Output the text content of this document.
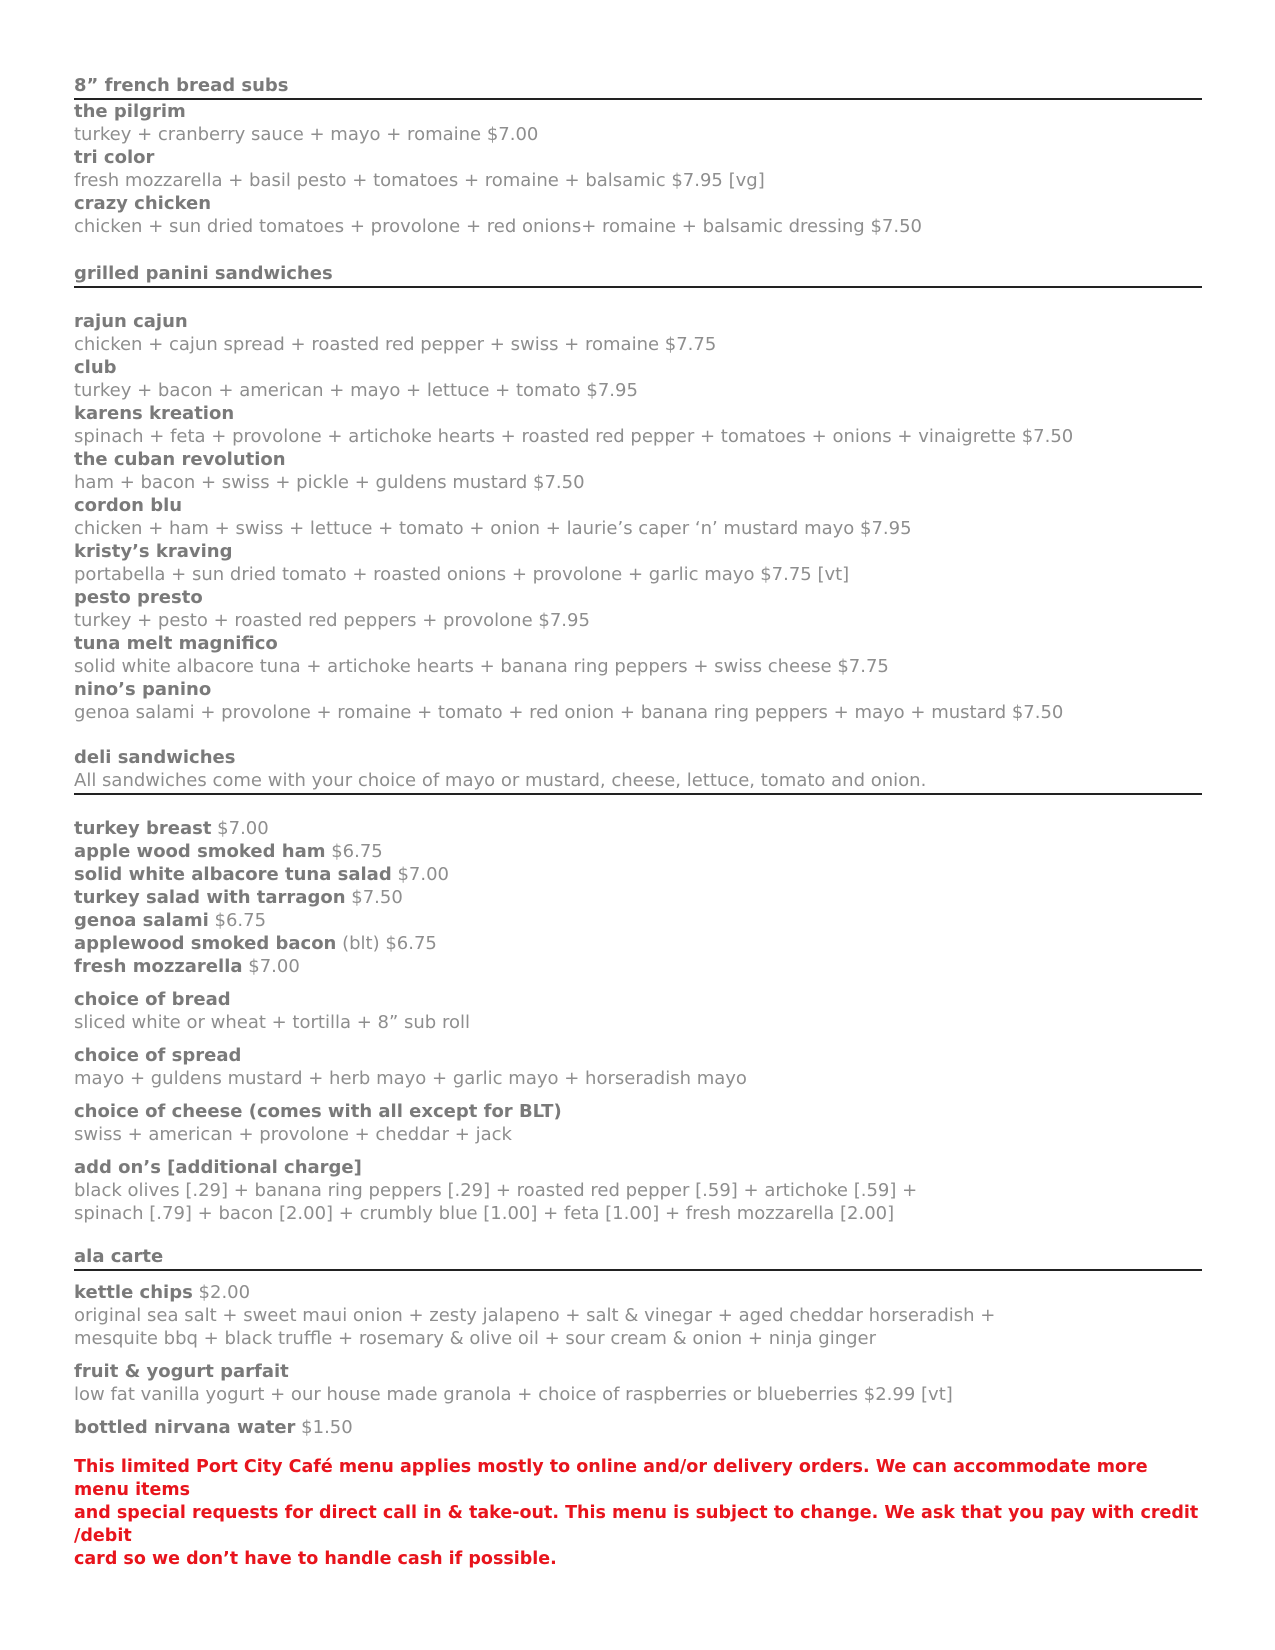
8” french bread subs
the pilgrim
turkey + cranberry sauce + mayo + romaine $7.00
tri color
fresh mozzarella + basil pesto + tomatoes + romaine + balsamic $7.95 [vg]
crazy chicken
chicken + sun dried tomatoes + provolone + red onions+ romaine + balsamic dressing $7.50
grilled panini sandwiches
rajun cajun
chicken + cajun spread + roasted red pepper + swiss + romaine $7.75
club
turkey + bacon + american + mayo + lettuce + tomato $7.95
karens kreation
spinach + feta + provolone + artichoke hearts + roasted red pepper + tomatoes + onions + vinaigrette $7.50
the cuban revolution
ham + bacon + swiss + pickle + guldens mustard $7.50
cordon blu
chicken + ham + swiss + lettuce + tomato + onion + laurie’s caper ‘n’ mustard mayo $7.95
kristy’s kraving
portabella + sun dried tomato + roasted onions + provolone + garlic mayo $7.75 [vt]
pesto presto
turkey + pesto + roasted red peppers + provolone $7.95
tuna melt magnifico
solid white albacore tuna + artichoke hearts + banana ring peppers + swiss cheese $7.75
nino’s panino
genoa salami + provolone + romaine + tomato + red onion + banana ring peppers + mayo + mustard $7.50
deli sandwiches
All sandwiches come with your choice of mayo or mustard, cheese, lettuce, tomato and onion.
turkey breast $7.00
apple wood smoked ham $6.75
solid white albacore tuna salad $7.00
turkey salad with tarragon $7.50
genoa salami $6.75
applewood smoked bacon (blt) $6.75
fresh mozzarella $7.00
choice of bread
sliced white or wheat + tortilla + 8” sub roll
choice of spread
mayo + guldens mustard + herb mayo + garlic mayo + horseradish mayo
choice of cheese (comes with all except for BLT)
swiss + american + provolone + cheddar + jack
add on’s [additional charge]
black olives [.29] + banana ring peppers [.29] + roasted red pepper [.59] + artichoke [.59] +
spinach [.79] + bacon [2.00] + crumbly blue [1.00] + feta [1.00] + fresh mozzarella [2.00]
ala carte
kettle chips $2.00
original sea salt + sweet maui onion + zesty jalapeno + salt & vinegar + aged cheddar horseradish +
mesquite bbq + black truffle + rosemary & olive oil + sour cream & onion + ninja ginger
fruit & yogurt parfait
low fat vanilla yogurt + our house made granola + choice of raspberries or blueberries $2.99 [vt]
bottled nirvana water $1.50
This limited Port City Café menu applies mostly to online and/or delivery orders. We can accommodate more menu items
and special requests for direct call in & take-out. This menu is subject to change. We ask that you pay with credit /debit
card so we don’t have to handle cash if possible.
